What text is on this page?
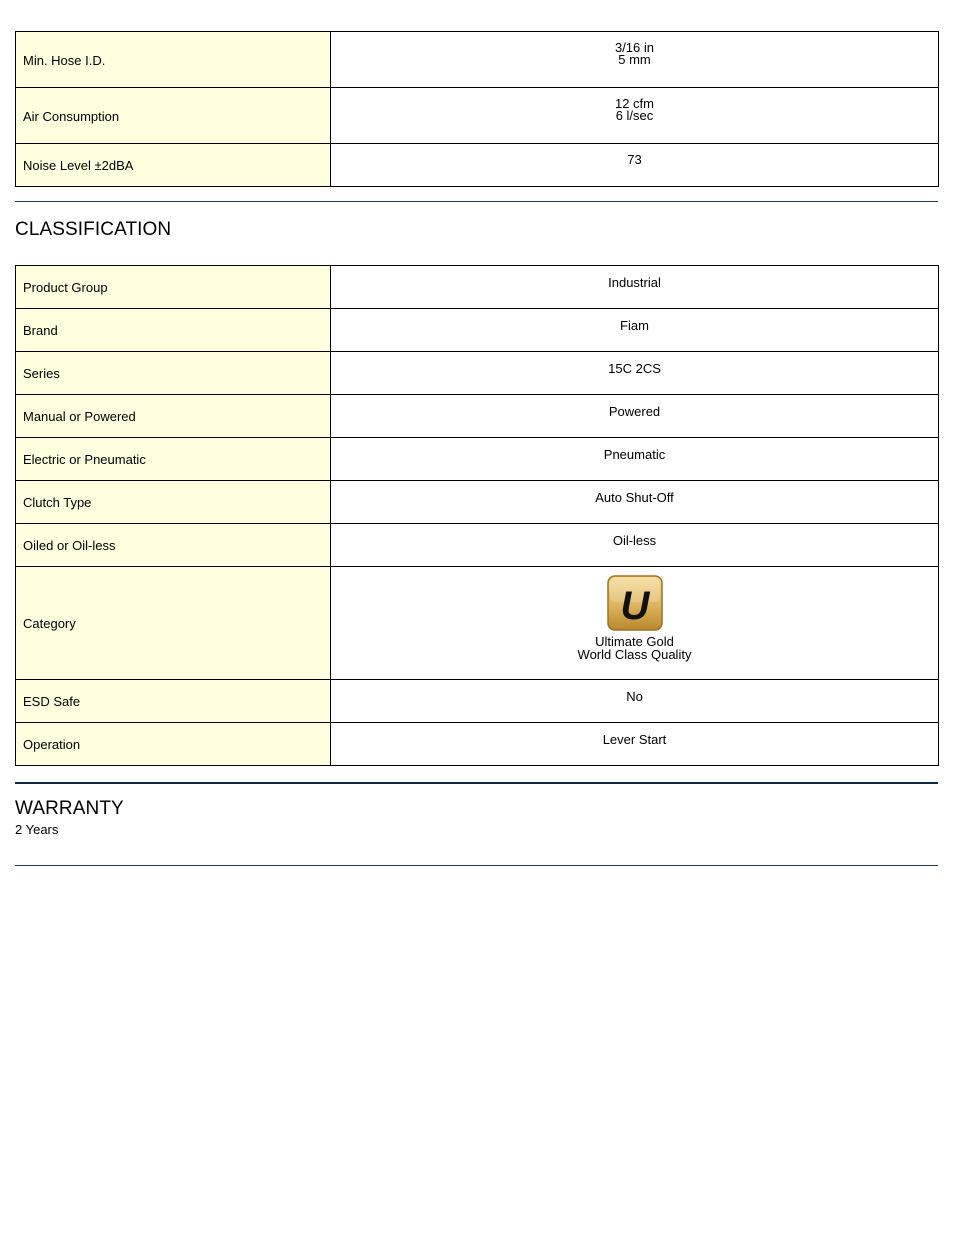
Min. Hose I.D.	3/16 in
5 mm

Air Consumption	12 cfm
6 l/sec

Noise Level ±2dBA	73
CLASSIFICATION
Product Group	Industrial
Brand	Fiam
Series	15C 2CS
Manual or Powered	Powered
Electric or Pneumatic	Pneumatic
Clutch Type	Auto Shut-Off
Oiled or Oil-less	Oil-less
Category	U
Ultimate Gold
World Class Quality

ESD Safe	No
Operation	Lever Start
WARRANTY
2 Years
